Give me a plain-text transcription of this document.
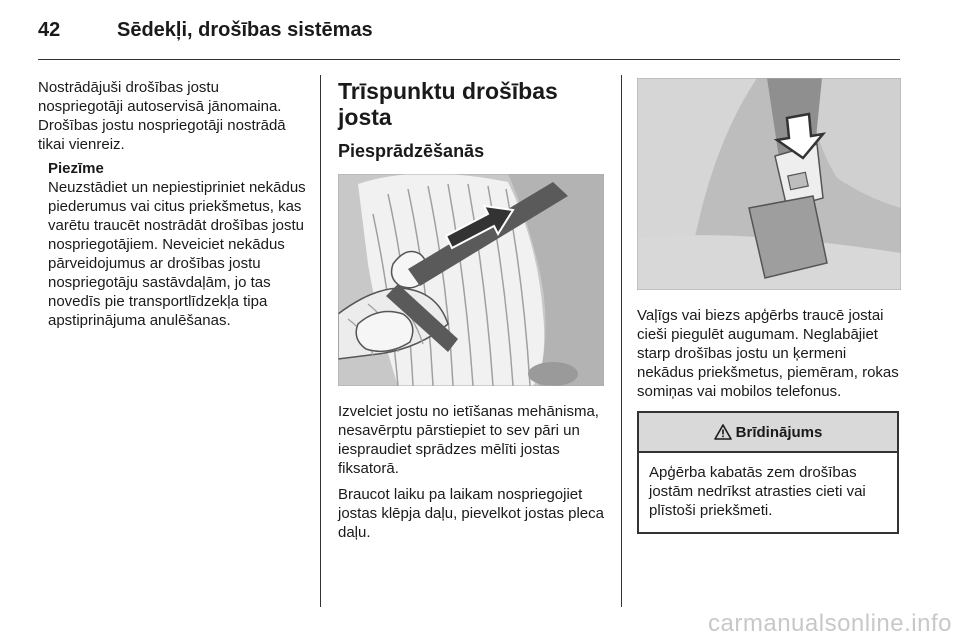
42	Sēdekļi, drošības sistēmas

Nostrādājuši drošības jostu nospriegotāji autoservisā jānomaina. Drošības jostu nospriegotāji nostrādā tikai vienreiz.

Piezīme

Neuzstādiet un nepiestipriniet nekādus piederumus vai citus priekšmetus, kas varētu traucēt nostrādāt drošības jostu nospriegotājiem. Neveiciet nekādus pārveidojumus ar drošības jostu nospriegotāju sastāvdaļām, jo tas novedīs pie transportlīdzekļa tipa apstiprinājuma anulēšanas.

Trīspunktu drošības josta
Piesprādzēšanās

Izvelciet jostu no ietīšanas mehānisma, nesavērptu pārstiepiet to sev pāri un iespraudiet sprādzes mēlīti jostas fiksatorā.

Braucot laiku pa laikam nospriegojiet jostas klēpja daļu, pievelkot jostas pleca daļu.

Vaļīgs vai biezs apģērbs traucē jostai cieši piegulēt augumam. Neglabājiet starp drošības jostu un ķermeni nekādus priekšmetus, piemēram, rokas somiņas vai mobilos telefonus.

Brīdinājums

Apģērba kabatās zem drošības jostām nedrīkst atrasties cieti vai plīstoši priekšmeti.

carmanualsonline.info
